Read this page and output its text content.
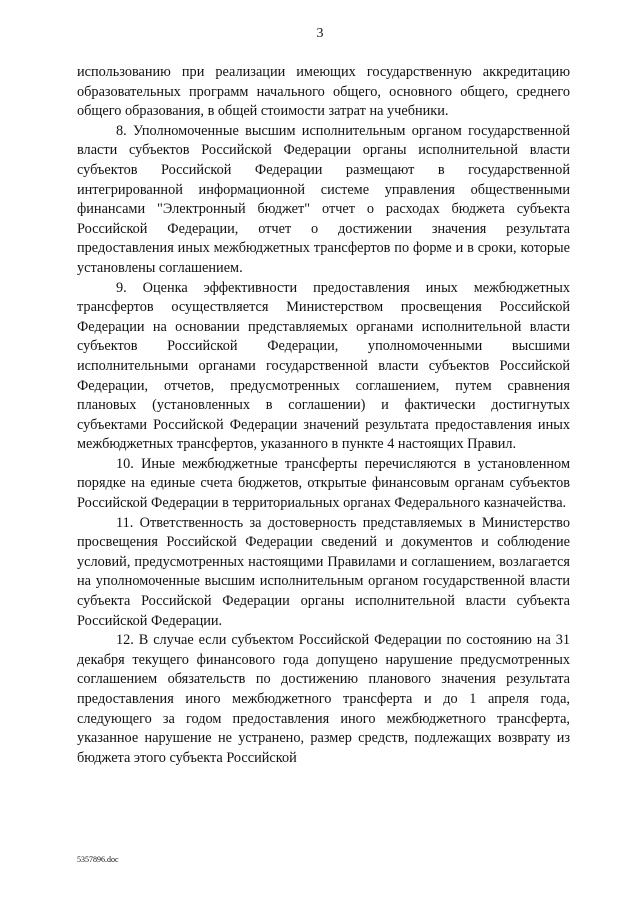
3

использованию при реализации имеющих государственную аккредитацию образовательных программ начального общего, основного общего, среднего общего образования, в общей стоимости затрат на учебники.

8. Уполномоченные высшим исполнительным органом государственной власти субъектов Российской Федерации органы исполнительной власти субъектов Российской Федерации размещают в государственной интегрированной информационной системе управления общественными финансами "Электронный бюджет" отчет о расходах бюджета субъекта Российской Федерации, отчет о достижении значения результата предоставления иных межбюджетных трансфертов по форме и в сроки, которые установлены соглашением.

9. Оценка эффективности предоставления иных межбюджетных трансфертов осуществляется Министерством просвещения Российской Федерации на основании представляемых органами исполнительной власти субъектов Российской Федерации, уполномоченными высшими исполнительными органами государственной власти субъектов Российской Федерации, отчетов, предусмотренных соглашением, путем сравнения плановых (установленных в соглашении) и фактически достигнутых субъектами Российской Федерации значений результата предоставления иных межбюджетных трансфертов, указанного в пункте 4 настоящих Правил.

10. Иные межбюджетные трансферты перечисляются в установленном порядке на единые счета бюджетов, открытые финансовым органам субъектов Российской Федерации в территориальных органах Федерального казначейства.

11. Ответственность за достоверность представляемых в Министерство просвещения Российской Федерации сведений и документов и соблюдение условий, предусмотренных настоящими Правилами и соглашением, возлагается на уполномоченные высшим исполнительным органом государственной власти субъекта Российской Федерации органы исполнительной власти субъекта Российской Федерации.

12. В случае если субъектом Российской Федерации по состоянию на 31 декабря текущего финансового года допущено нарушение предусмотренных соглашением обязательств по достижению планового значения результата предоставления иного межбюджетного трансферта и до 1 апреля года, следующего за годом предоставления иного межбюджетного трансферта, указанное нарушение не устранено, размер средств, подлежащих возврату из бюджета этого субъекта Российской

5357896.doc
